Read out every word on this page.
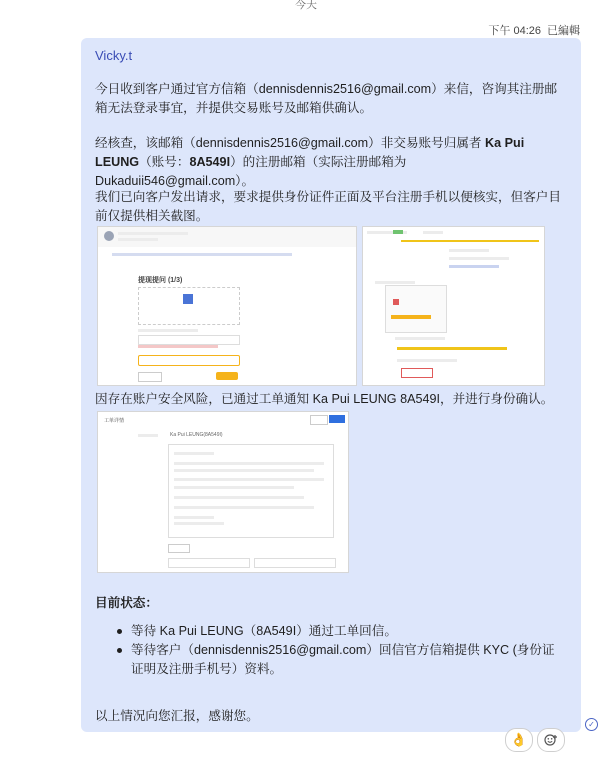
今天
下午 04:26 已編輯
Vicky.t

今日收到客户通过官方信箱（dennisdennis2516@gmail.com）来信，咨询其注册邮箱无法登录事宜，并提供交易账号及邮箱供确认。

经核查，该邮箱（dennisdennis2516@gmail.com）非交易账号归属者 Ka Pui LEUNG（账号：8A549I）的注册邮箱（实际注册邮箱为 Dukaduii546@gmail.com）。

我们已向客户发出请求，要求提供身份证件正面及平台注册手机以便核实，但客户目前仅提供相关截图。

提现提问 (1/3)

因存在账户安全风险，已通过工单通知 Ka Pui LEUNG 8A549I，并进行身份确认。

工单详情
Ka Pui LEUNG(8A549I)
目前状态：
等待 Ka Pui LEUNG（8A549I）通过工单回信。
等待客户（dennisdennis2516@gmail.com）回信官方信箱提供 KYC (身份证证明及注册手机号）资料。

以上情况向您汇报，感谢您。

✓
👌
